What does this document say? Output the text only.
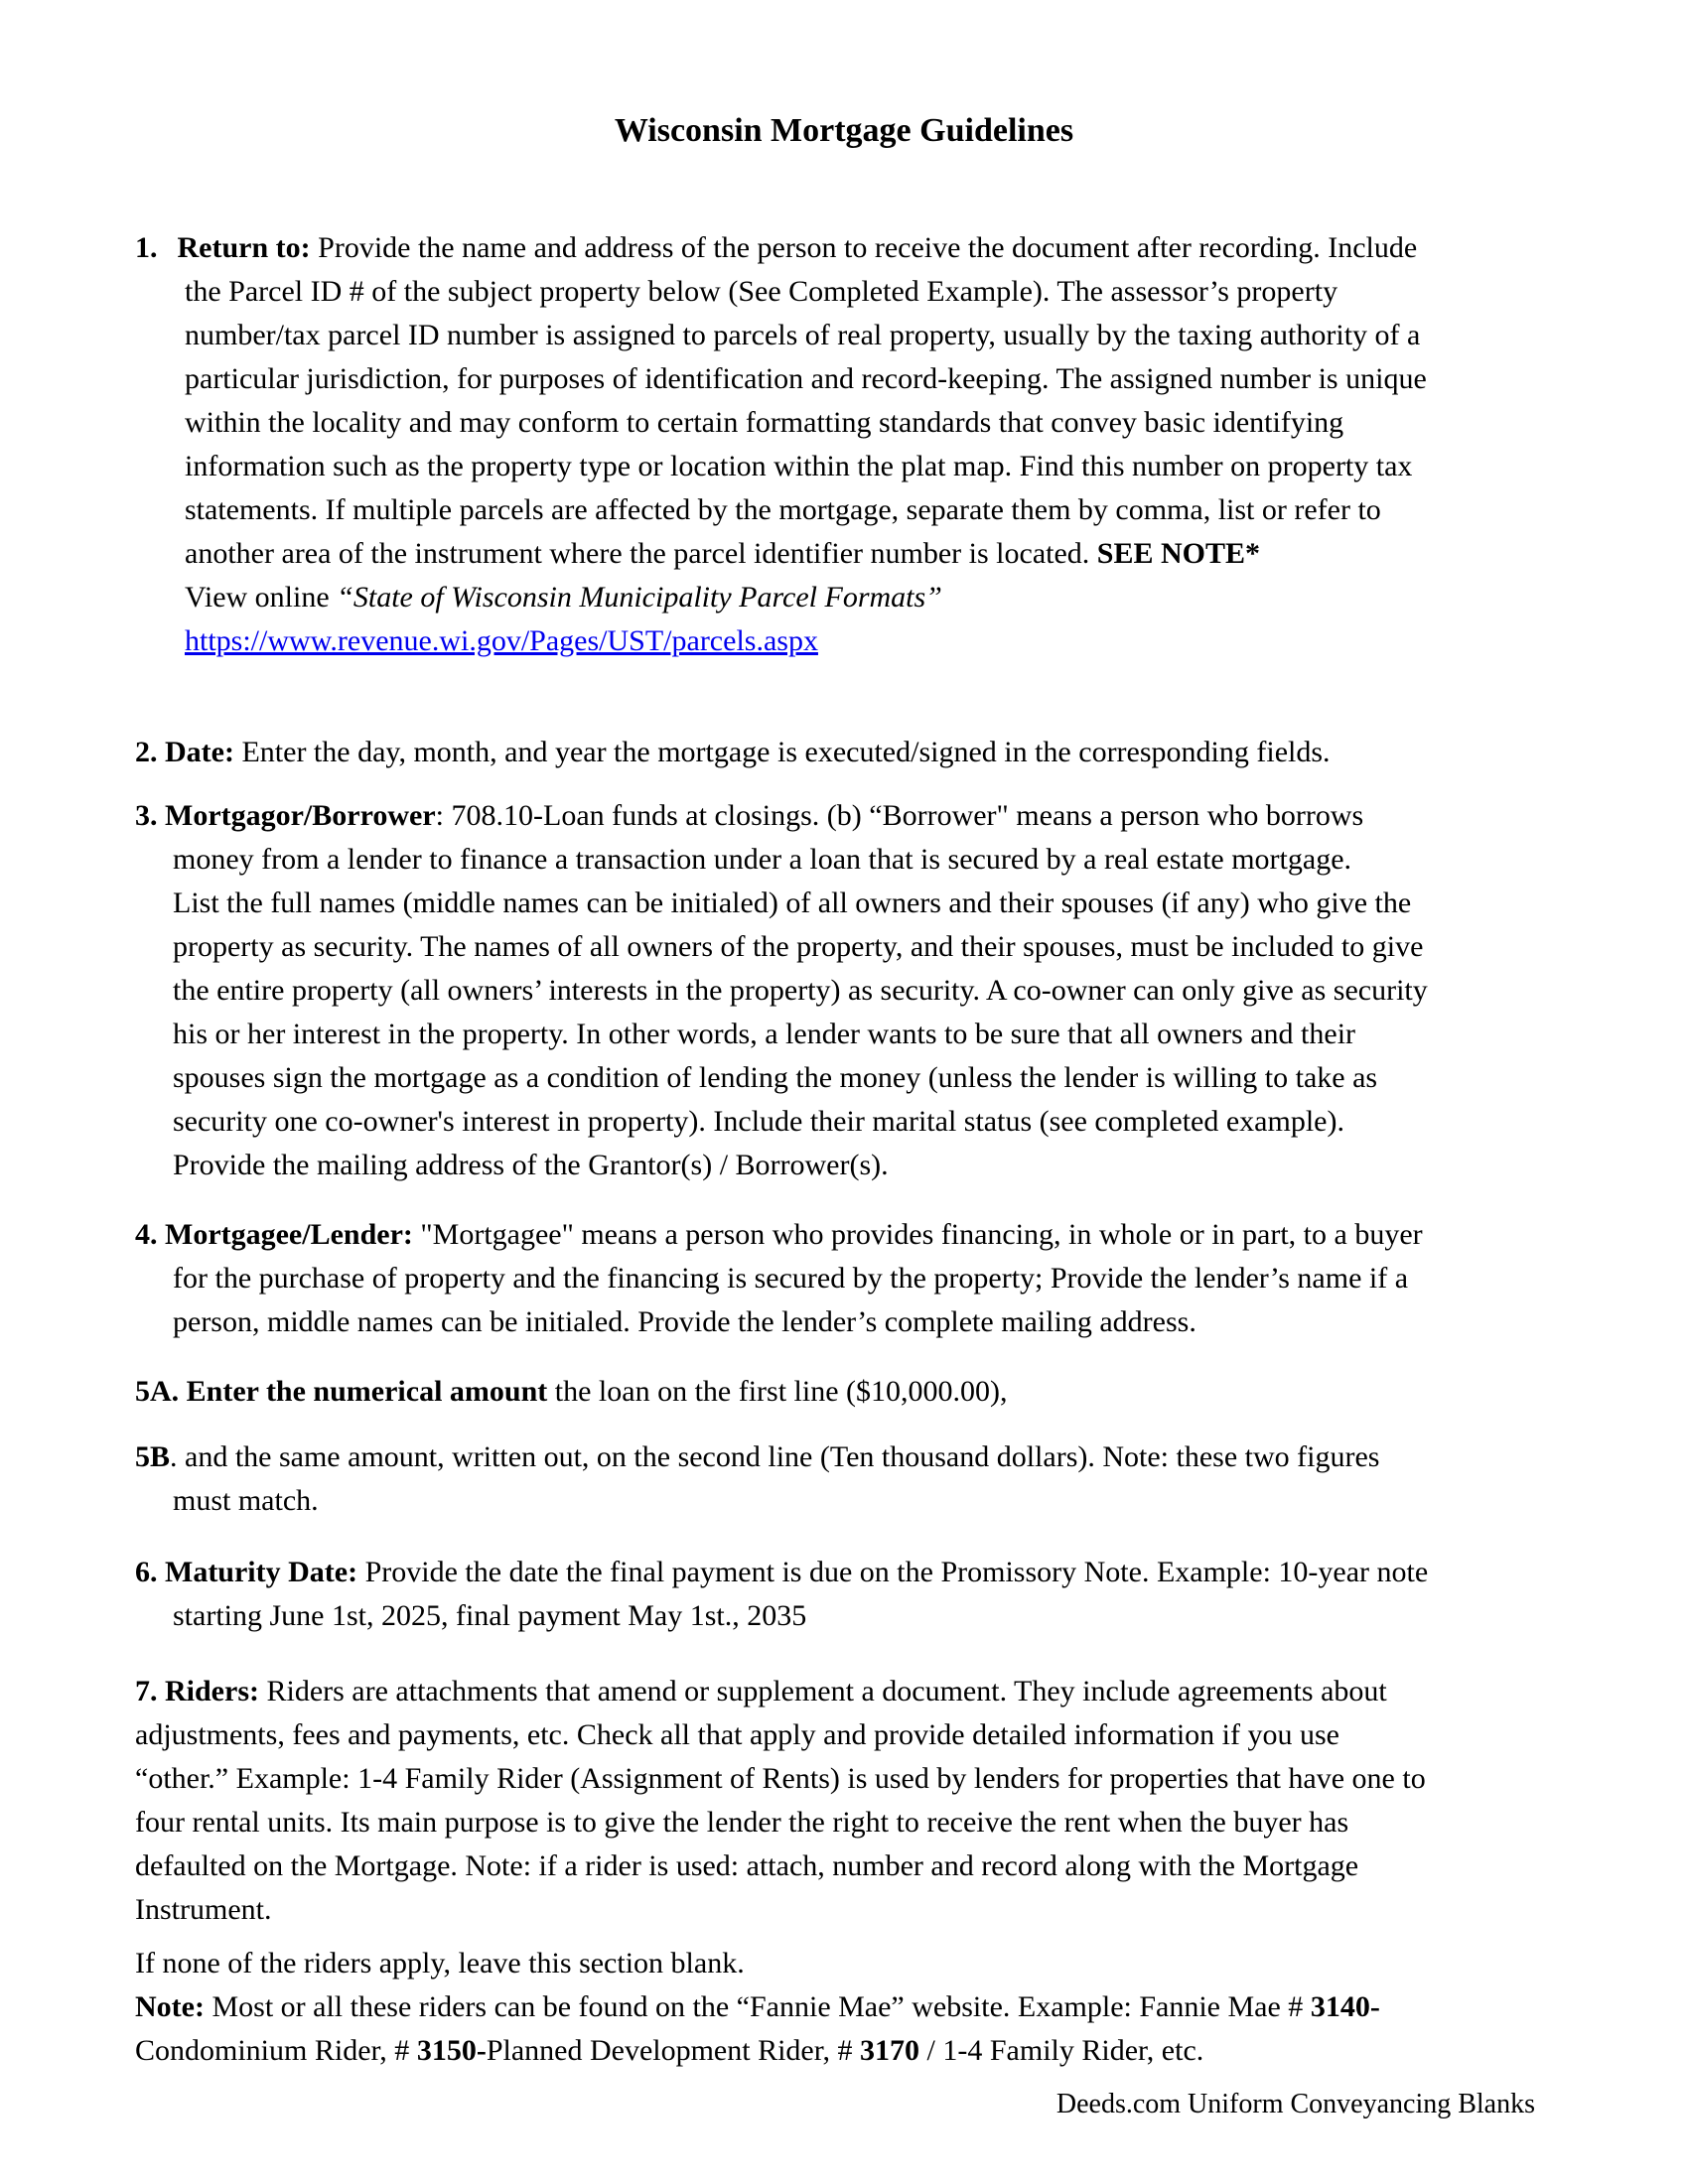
Wisconsin Mortgage Guidelines
1. Return to: Provide the name and address of the person to receive the document after recording. Include
the Parcel ID # of the subject property below (See Completed Example). The assessor’s property
number/tax parcel ID number is assigned to parcels of real property, usually by the taxing authority of a
particular jurisdiction, for purposes of identification and record-keeping. The assigned number is unique
within the locality and may conform to certain formatting standards that convey basic identifying
information such as the property type or location within the plat map. Find this number on property tax
statements. If multiple parcels are affected by the mortgage, separate them by comma, list or refer to
another area of the instrument where the parcel identifier number is located. SEE NOTE*
View online “State of Wisconsin Municipality Parcel Formats”
https://www.revenue.wi.gov/Pages/UST/parcels.aspx
2. Date: Enter the day, month, and year the mortgage is executed/signed in the corresponding fields.
3. Mortgagor/Borrower: 708.10-Loan funds at closings. (b) “Borrower" means a person who borrows
money from a lender to finance a transaction under a loan that is secured by a real estate mortgage.
List the full names (middle names can be initialed) of all owners and their spouses (if any) who give the
property as security. The names of all owners of the property, and their spouses, must be included to give
the entire property (all owners’ interests in the property) as security. A co-owner can only give as security
his or her interest in the property. In other words, a lender wants to be sure that all owners and their
spouses sign the mortgage as a condition of lending the money (unless the lender is willing to take as
security one co-owner's interest in property). Include their marital status (see completed example).
Provide the mailing address of the Grantor(s) / Borrower(s).
4. Mortgagee/Lender: "Mortgagee" means a person who provides financing, in whole or in part, to a buyer
for the purchase of property and the financing is secured by the property; Provide the lender’s name if a
person, middle names can be initialed. Provide the lender’s complete mailing address.
5A. Enter the numerical amount the loan on the first line ($10,000.00),
5B. and the same amount, written out, on the second line (Ten thousand dollars). Note: these two figures
must match.
6. Maturity Date: Provide the date the final payment is due on the Promissory Note. Example: 10-year note
starting June 1st, 2025, final payment May 1st., 2035
7. Riders: Riders are attachments that amend or supplement a document. They include agreements about
adjustments, fees and payments, etc. Check all that apply and provide detailed information if you use
“other.” Example: 1-4 Family Rider (Assignment of Rents) is used by lenders for properties that have one to
four rental units. Its main purpose is to give the lender the right to receive the rent when the buyer has
defaulted on the Mortgage. Note: if a rider is used: attach, number and record along with the Mortgage
Instrument.
If none of the riders apply, leave this section blank.
Note: Most or all these riders can be found on the “Fannie Mae” website. Example: Fannie Mae # 3140-
Condominium Rider, # 3150-Planned Development Rider, # 3170 / 1-4 Family Rider, etc.
Deeds.com Uniform Conveyancing Blanks
